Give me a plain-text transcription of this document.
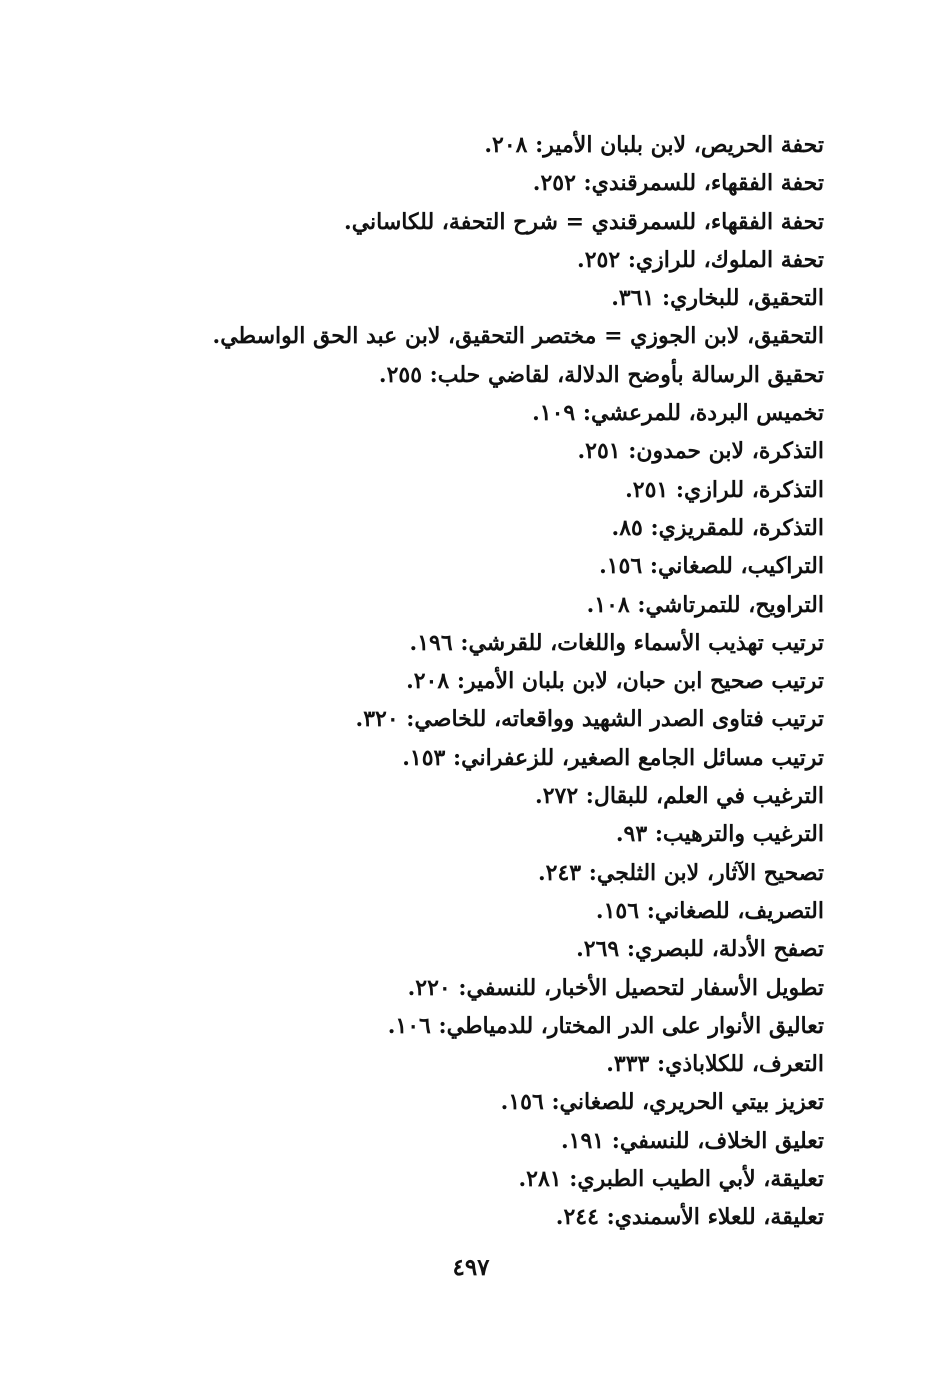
تحفة الحريص، لابن بلبان الأمير: ٢٠٨.
تحفة الفقهاء، للسمرقندي: ٢٥٢.
تحفة الفقهاء، للسمرقندي = شرح التحفة، للكاساني.
تحفة الملوك، للرازي: ٢٥٢.
التحقيق، للبخاري: ٣٦١.
التحقيق، لابن الجوزي = مختصر التحقيق، لابن عبد الحق الواسطي.
تحقيق الرسالة بأوضح الدلالة، لقاضي حلب: ٢٥٥.
تخميس البردة، للمرعشي: ١٠٩.
التذكرة، لابن حمدون: ٢٥١.
التذكرة، للرازي: ٢٥١.
التذكرة، للمقريزي: ٨٥.
التراكيب، للصغاني: ١٥٦.
التراويح، للتمرتاشي: ١٠٨.
ترتيب تهذيب الأسماء واللغات، للقرشي: ١٩٦.
ترتيب صحيح ابن حبان، لابن بلبان الأمير: ٢٠٨.
ترتيب فتاوى الصدر الشهيد وواقعاته، للخاصي: ٣٢٠.
ترتيب مسائل الجامع الصغير، للزعفراني: ١٥٣.
الترغيب في العلم، للبقال: ٢٧٢.
الترغيب والترهيب: ٩٣.
تصحيح الآثار، لابن الثلجي: ٢٤٣.
التصريف، للصغاني: ١٥٦.
تصفح الأدلة، للبصري: ٢٦٩.
تطويل الأسفار لتحصيل الأخبار، للنسفي: ٢٢٠.
تعاليق الأنوار على الدر المختار، للدمياطي: ١٠٦.
التعرف، للكلاباذي: ٣٣٣.
تعزيز بيتي الحريري، للصغاني: ١٥٦.
تعليق الخلاف، للنسفي: ١٩١.
تعليقة، لأبي الطيب الطبري: ٢٨١.
تعليقة، للعلاء الأسمندي: ٢٤٤.
٤٩٧
